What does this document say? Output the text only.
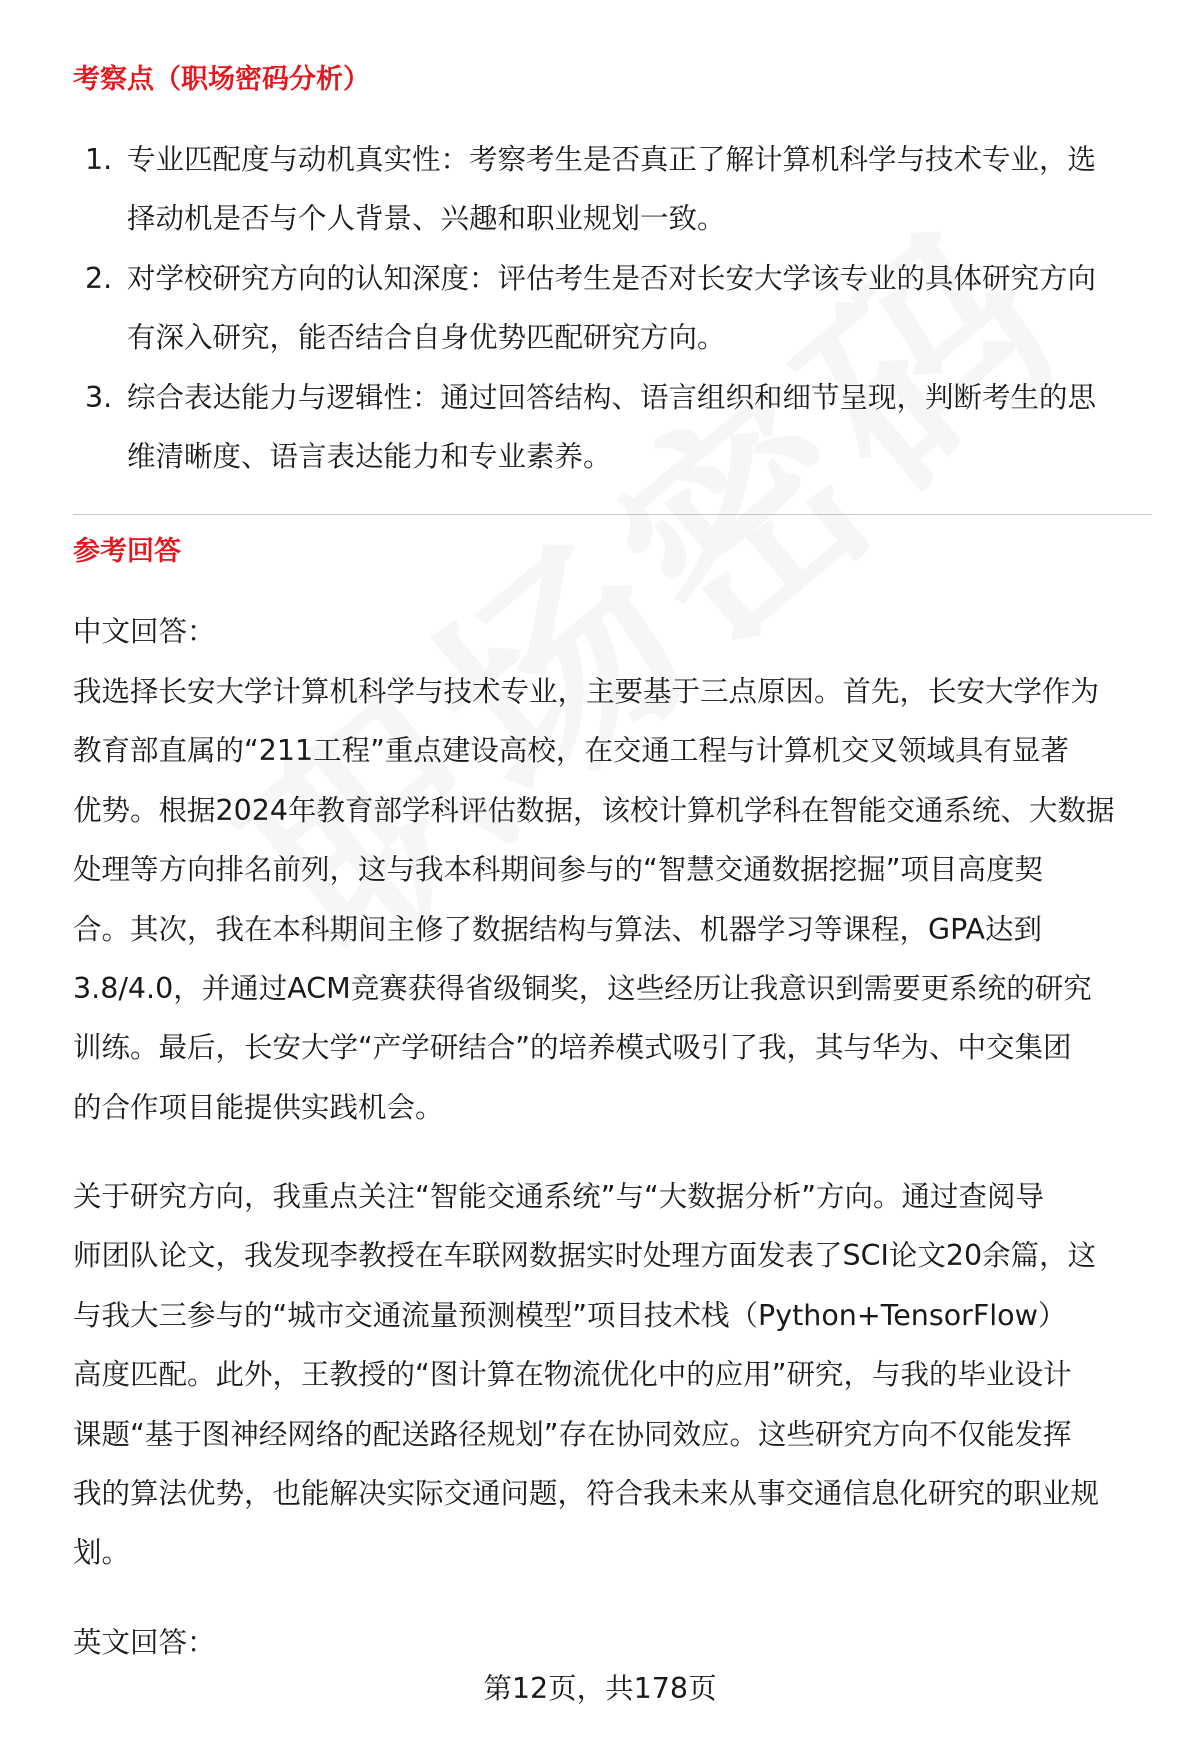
考察点（职场密码分析）
1. 专业匹配度与动机真实性：考察考生是否真正了解计算机科学与技术专业，选
择动机是否与个人背景、兴趣和职业规划一致。
2. 对学校研究方向的认知深度：评估考生是否对长安大学该专业的具体研究方向
有深入研究，能否结合自身优势匹配研究方向。
3. 综合表达能力与逻辑性：通过回答结构、语言组织和细节呈现，判断考生的思
维清晰度、语言表达能力和专业素养。
参考回答
中文回答：
我选择长安大学计算机科学与技术专业，主要基于三点原因。首先，长安大学作为
教育部直属的“211工程”重点建设高校，在交通工程与计算机交叉领域具有显著
优势。根据2024年教育部学科评估数据，该校计算机学科在智能交通系统、大数据
处理等方向排名前列，这与我本科期间参与的“智慧交通数据挖掘”项目高度契
合。其次，我在本科期间主修了数据结构与算法、机器学习等课程，GPA达到
3.8/4.0，并通过ACM竞赛获得省级铜奖，这些经历让我意识到需要更系统的研究
训练。最后，长安大学“产学研结合”的培养模式吸引了我，其与华为、中交集团
的合作项目能提供实践机会。
关于研究方向，我重点关注“智能交通系统”与“大数据分析”方向。通过查阅导
师团队论文，我发现李教授在车联网数据实时处理方面发表了SCI论文20余篇，这
与我大三参与的“城市交通流量预测模型”项目技术栈（Python+TensorFlow）
高度匹配。此外，王教授的“图计算在物流优化中的应用”研究，与我的毕业设计
课题“基于图神经网络的配送路径规划”存在协同效应。这些研究方向不仅能发挥
我的算法优势，也能解决实际交通问题，符合我未来从事交通信息化研究的职业规
划。
英文回答：
第12页，共178页
